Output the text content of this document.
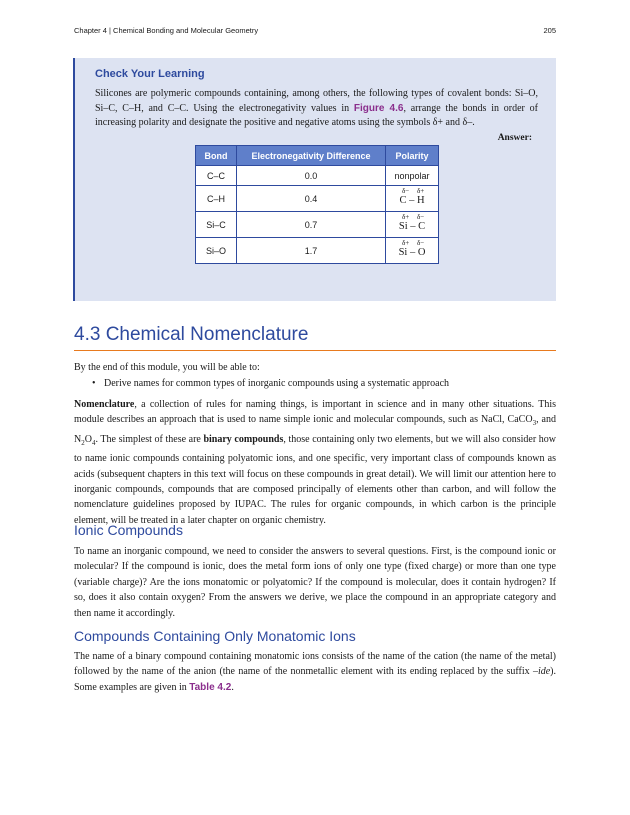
Chapter 4 | Chemical Bonding and Molecular Geometry	205
Check Your Learning
Silicones are polymeric compounds containing, among others, the following types of covalent bonds: Si–O, Si–C, C–H, and C–C. Using the electronegativity values in Figure 4.6, arrange the bonds in order of increasing polarity and designate the positive and negative atoms using the symbols δ+ and δ–.
Answer:
Bond	Electronegativity Difference	Polarity
C–C	0.0	nonpolar
C–H	0.4	δ− δ+
C – H

Si–C	0.7	δ+ δ−
Si – C

Si–O	1.7	δ+ δ−
Si – O
4.3 Chemical Nomenclature
By the end of this module, you will be able to:
• Derive names for common types of inorganic compounds using a systematic approach
Nomenclature, a collection of rules for naming things, is important in science and in many other situations. This module describes an approach that is used to name simple ionic and molecular compounds, such as NaCl, CaCO$_3$, and $N_2O_4$. The simplest of these are binary compounds, those containing only two elements, but we will also consider how to name ionic compounds containing polyatomic ions, and one specific, very important class of compounds known as acids (subsequent chapters in this text will focus on these compounds in great detail). We will limit our attention here to inorganic compounds, compounds that are composed principally of elements other than carbon, and will follow the nomenclature guidelines proposed by IUPAC. The rules for organic compounds, in which carbon is the principle element, will be treated in a later chapter on organic chemistry.
Ionic Compounds
To name an inorganic compound, we need to consider the answers to several questions. First, is the compound ionic or molecular? If the compound is ionic, does the metal form ions of only one type (fixed charge) or more than one type (variable charge)? Are the ions monatomic or polyatomic? If the compound is molecular, does it contain hydrogen? If so, does it also contain oxygen? From the answers we derive, we place the compound in an appropriate category and then name it accordingly.
Compounds Containing Only Monatomic Ions
The name of a binary compound containing monatomic ions consists of the name of the cation (the name of the metal) followed by the name of the anion (the name of the nonmetallic element with its ending replaced by the suffix –ide). Some examples are given in Table 4.2.
